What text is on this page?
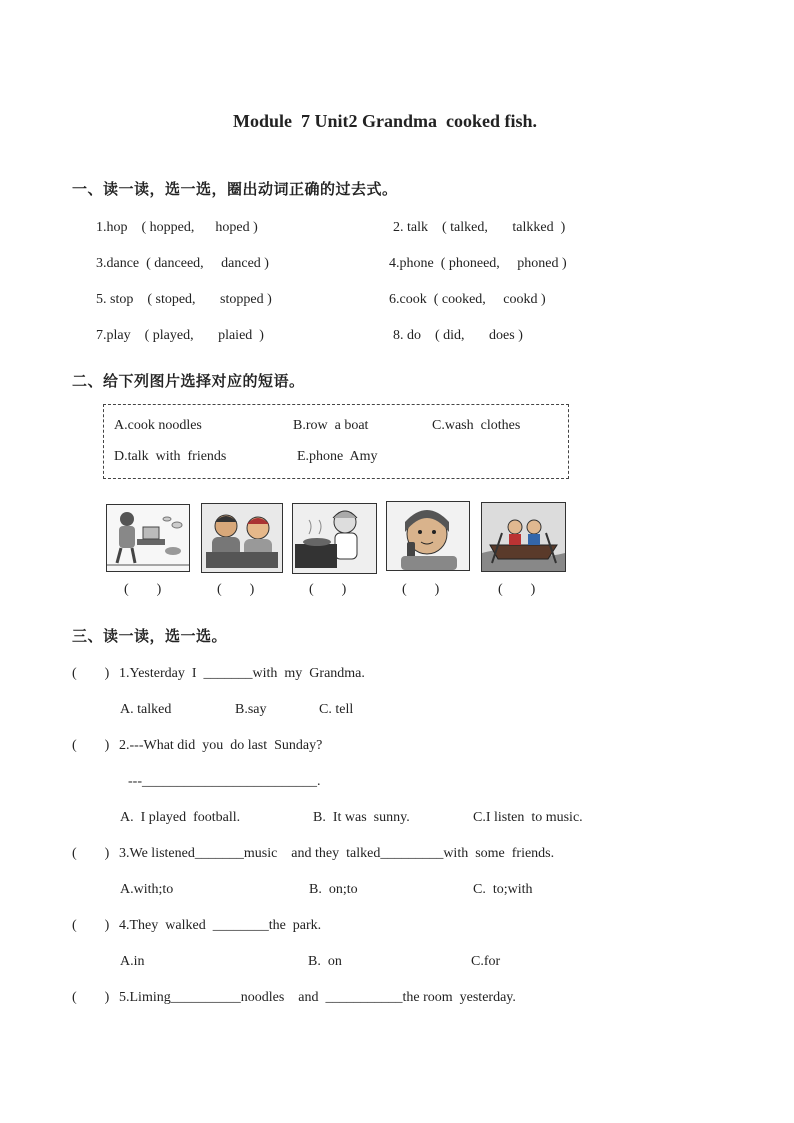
Module  7 Unit2 Grandma  cooked fish.
一、读一读，选一选，圈出动词正确的过去式。
1.hop    ( hopped,      hoped )	2. talk    ( talked,       talkked  )
3.dance  ( danceed,     danced )	4.phone  ( phoneed,     phoned )
5. stop    ( stoped,       stopped )	6.cook  ( cooked,     cookd )
7.play    ( played,       plaied  )	8. do    ( did,       does )
二、给下列图片选择对应的短语。
A.cook noodles	B.row  a boat	C.wash  clothes
D.talk  with  friends	E.phone  Amy
(        )	(        )	(        )	(        )	(        )
三、读一读，选一选。
(        ) 1.Yesterday  I  _______with  my  Grandma.
A. talked	B.say	C. tell
(        ) 2.---What did  you  do last  Sunday?
---_________________________.
A.  I played  football.	B.  It was  sunny.	C.I listen  to music.
(        ) 3.We listened_______music    and they  talked_________with  some  friends.
A.with;to	B.  on;to	C.  to;with
(        ) 4.They  walked  ________the  park.
A.in	B.  on	C.for
(        ) 5.Liming__________noodles    and  ___________the room  yesterday.
